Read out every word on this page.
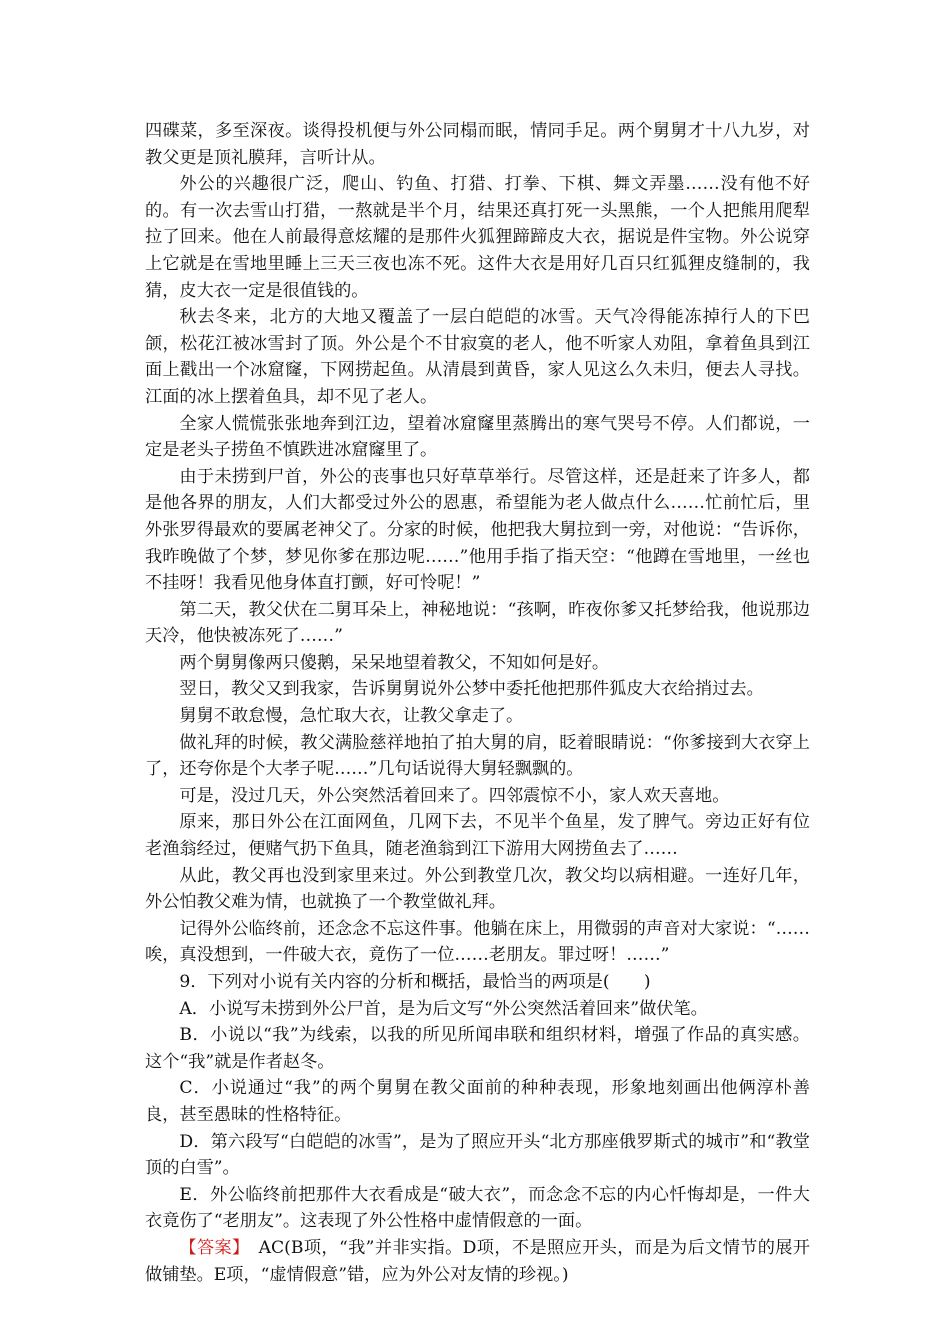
四碟菜，多至深夜。谈得投机便与外公同榻而眠，情同手足。两个舅舅才十八九岁，对教父更是顶礼膜拜，言听计从。

外公的兴趣很广泛，爬山、钓鱼、打猎、打拳、下棋、舞文弄墨……没有他不好的。有一次去雪山打猎，一熬就是半个月，结果还真打死一头黑熊，一个人把熊用爬犁拉了回来。他在人前最得意炫耀的是那件火狐狸蹄蹄皮大衣，据说是件宝物。外公说穿上它就是在雪地里睡上三天三夜也冻不死。这件大衣是用好几百只红狐狸皮缝制的，我猜，皮大衣一定是很值钱的。

秋去冬来，北方的大地又覆盖了一层白皑皑的冰雪。天气冷得能冻掉行人的下巴颌，松花江被冰雪封了顶。外公是个不甘寂寞的老人，他不听家人劝阻，拿着鱼具到江面上戳出一个冰窟窿，下网捞起鱼。从清晨到黄昏，家人见这么久未归，便去人寻找。江面的冰上摆着鱼具，却不见了老人。

全家人慌慌张张地奔到江边，望着冰窟窿里蒸腾出的寒气哭号不停。人们都说，一定是老头子捞鱼不慎跌进冰窟窿里了。

由于未捞到尸首，外公的丧事也只好草草举行。尽管这样，还是赶来了许多人，都是他各界的朋友，人们大都受过外公的恩惠，希望能为老人做点什么……忙前忙后，里外张罗得最欢的要属老神父了。分家的时候，他把我大舅拉到一旁，对他说：“告诉你，我昨晚做了个梦，梦见你爹在那边呢……”他用手指了指天空：“他蹲在雪地里，一丝也不挂呀！我看见他身体直打颤，好可怜呢！”

第二天，教父伏在二舅耳朵上，神秘地说：“孩啊，昨夜你爹又托梦给我，他说那边天冷，他快被冻死了……”

两个舅舅像两只傻鹅，呆呆地望着教父，不知如何是好。

翌日，教父又到我家，告诉舅舅说外公梦中委托他把那件狐皮大衣给捎过去。

舅舅不敢怠慢，急忙取大衣，让教父拿走了。

做礼拜的时候，教父满脸慈祥地拍了拍大舅的肩，眨着眼睛说：“你爹接到大衣穿上了，还夸你是个大孝子呢……”几句话说得大舅轻飘飘的。

可是，没过几天，外公突然活着回来了。四邻震惊不小，家人欢天喜地。

原来，那日外公在江面网鱼，几网下去，不见半个鱼星，发了脾气。旁边正好有位老渔翁经过，便赌气扔下鱼具，随老渔翁到江下游用大网捞鱼去了……

从此，教父再也没到家里来过。外公到教堂几次，教父均以病相避。一连好几年，外公怕教父难为情，也就换了一个教堂做礼拜。

记得外公临终前，还念念不忘这件事。他躺在床上，用微弱的声音对大家说：“……唉，真没想到，一件破大衣，竟伤了一位……老朋友。罪过呀！……”

9．下列对小说有关内容的分析和概括，最恰当的两项是(　　)

A．小说写未捞到外公尸首，是为后文写“外公突然活着回来”做伏笔。

B．小说以“我”为线索，以我的所见所闻串联和组织材料，增强了作品的真实感。这个“我”就是作者赵冬。

C．小说通过“我”的两个舅舅在教父面前的种种表现，形象地刻画出他俩淳朴善良，甚至愚昧的性格特征。

D．第六段写“白皑皑的冰雪”，是为了照应开头“北方那座俄罗斯式的城市”和“教堂顶的白雪”。

E．外公临终前把那件大衣看成是“破大衣”，而念念不忘的内心忏悔却是，一件大衣竟伤了“老朋友”。这表现了外公性格中虚情假意的一面。

【答案】　AC(B项，“我”并非实指。D项，不是照应开头，而是为后文情节的展开做铺垫。E项，“虚情假意”错，应为外公对友情的珍视。)
